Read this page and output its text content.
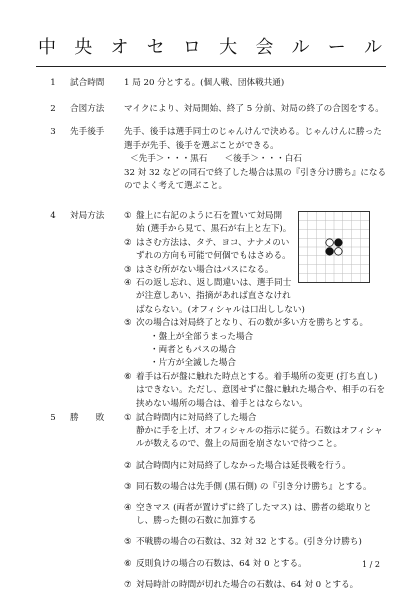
中 央 オ セ ロ 大 会 ル ー ル
1 試合時間	1 局 20 分とする。(個人戦、団体戦共通)

2 合図方法	マイクにより、対局開始、終了 5 分前、対局の終了の合図をする。

3 先手後手	先手、後手は選手同士のじゃんけんで決める。じゃんけんに勝った

選手が先手、後手を選ぶことができる。

＜先手＞・・・黒石　　＜後手＞・・・白石

32 対 32 などの同石で終了した場合は黒の『引き分け勝ち』になる

のでよく考えて選ぶこと。

4 対局方法	① 盤上に右記のように石を置いて対局開

始 (選手から見て、黒石が右上と左下)。

② はさむ方法は、タテ、ヨコ、ナナメのい

ずれの方向も可能で何個でもはさめる。

③ はさむ所がない場合はパスになる。

④ 石の返し忘れ、返し間違いは、選手同士

が注意しあい、指摘があれば直さなけれ

ばならない。(オフィシャルは口出ししない)

⑤ 次の場合は対局終了となり、石の数が多い方を勝ちとする。

・盤上が全部うまった場合

・両者ともパスの場合

・片方が全滅した場合

⑥ 着手は石が盤に触れた時点とする。着手場所の変更 (打ち直し)

はできない。ただし、意図せずに盤に触れた場合や、相手の石を

挟めない場所の場合は、着手とはならない。

5 勝　　敗	① 試合時間内に対局終了した場合

静かに手を上げ、オフィシャルの指示に従う。石数はオフィシャ

ルが数えるので、盤上の局面を崩さないで待つこと。

② 試合時間内に対局終了しなかった場合は延長戦を行う。

③ 同石数の場合は先手側 (黒石側) の『引き分け勝ち』とする。

④ 空きマス (両者が置けずに終了したマス) は、勝者の総取りと

し、勝った側の石数に加算する

⑤ 不戦勝の場合の石数は、32 対 32 とする。(引き分け勝ち)

⑥ 反則負けの場合の石数は、64 対 0 とする。

⑦ 対局時計の時間が切れた場合の石数は、64 対 0 とする。

1 / 2
